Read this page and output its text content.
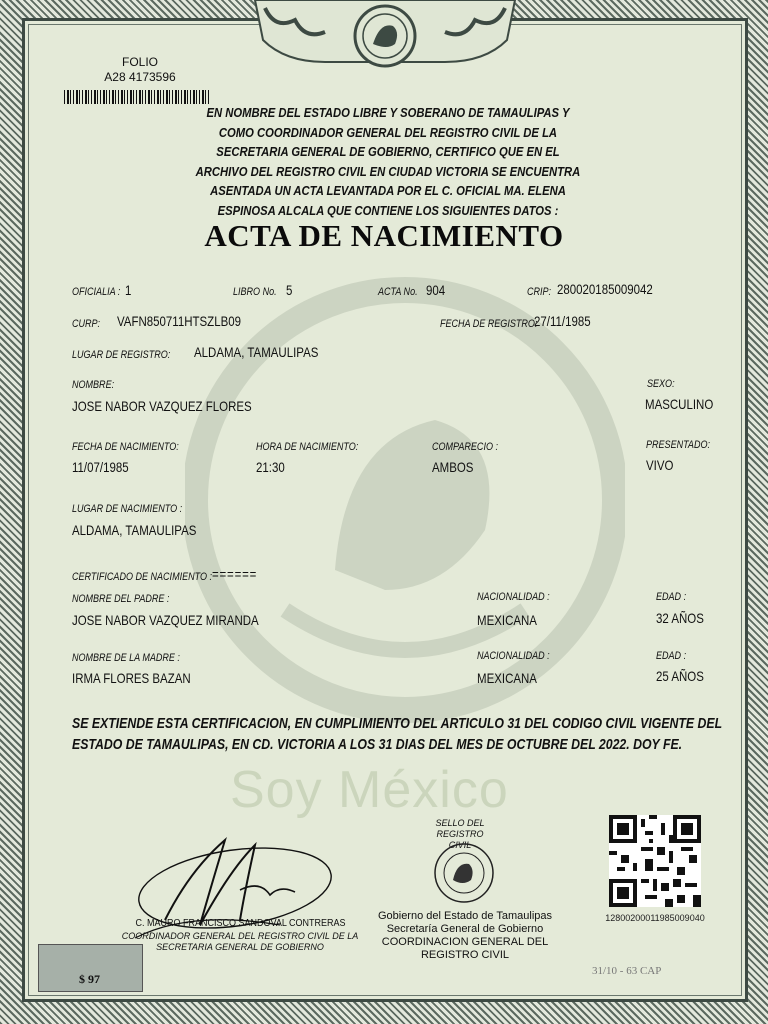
Soy México
FOLIO
A28 4173596
EN NOMBRE DEL ESTADO LIBRE Y SOBERANO DE TAMAULIPAS Y COMO COORDINADOR GENERAL DEL REGISTRO CIVIL DE LA SECRETARIA GENERAL DE GOBIERNO, CERTIFICO QUE EN EL ARCHIVO DEL REGISTRO CIVIL EN CIUDAD VICTORIA SE ENCUENTRA ASENTADA UN ACTA LEVANTADA POR EL C. OFICIAL MA. ELENA ESPINOSA ALCALA QUE CONTIENE LOS SIGUIENTES DATOS :
ACTA DE NACIMIENTO
OFICIALIA : 1	LIBRO No. 5	ACTA No. 904	CRIP: 280020185009042
CURP: VAFN850711HTSZLB09	FECHA DE REGISTRO:
27/11/1985
LUGAR DE REGISTRO: ALDAMA, TAMAULIPAS
NOMBRE:
JOSE NABOR VAZQUEZ FLORES
SEXO:
MASCULINO
FECHA DE NACIMIENTO:
11/07/1985
HORA DE NACIMIENTO:
21:30
COMPARECIO :
AMBOS
PRESENTADO:
VIVO
LUGAR DE NACIMIENTO :
ALDAMA, TAMAULIPAS
CERTIFICADO DE NACIMIENTO : ======
NOMBRE DEL PADRE :
JOSE NABOR VAZQUEZ MIRANDA
NACIONALIDAD :
MEXICANA
EDAD :
32 AÑOS
NOMBRE DE LA MADRE :
IRMA FLORES BAZAN
NACIONALIDAD :
MEXICANA
EDAD :
25 AÑOS
SE EXTIENDE ESTA CERTIFICACION, EN CUMPLIMIENTO DEL ARTICULO 31 DEL CODIGO CIVIL VIGENTE DEL
ESTADO DE TAMAULIPAS, EN CD. VICTORIA A LOS 31 DIAS DEL MES DE OCTUBRE DEL 2022. DOY FE.
C. MAURO FRANCISCO SANDOVAL CONTRERAS
COORDINADOR GENERAL DEL REGISTRO CIVIL DE LA SECRETARIA GENERAL DE GOBIERNO
SELLO DEL
REGISTRO CIVIL
Gobierno del Estado de Tamaulipas
Secretaría General de Gobierno
COORDINACION GENERAL DEL REGISTRO CIVIL
12800200011985009040
$ 97
31/10 - 63 CAP
